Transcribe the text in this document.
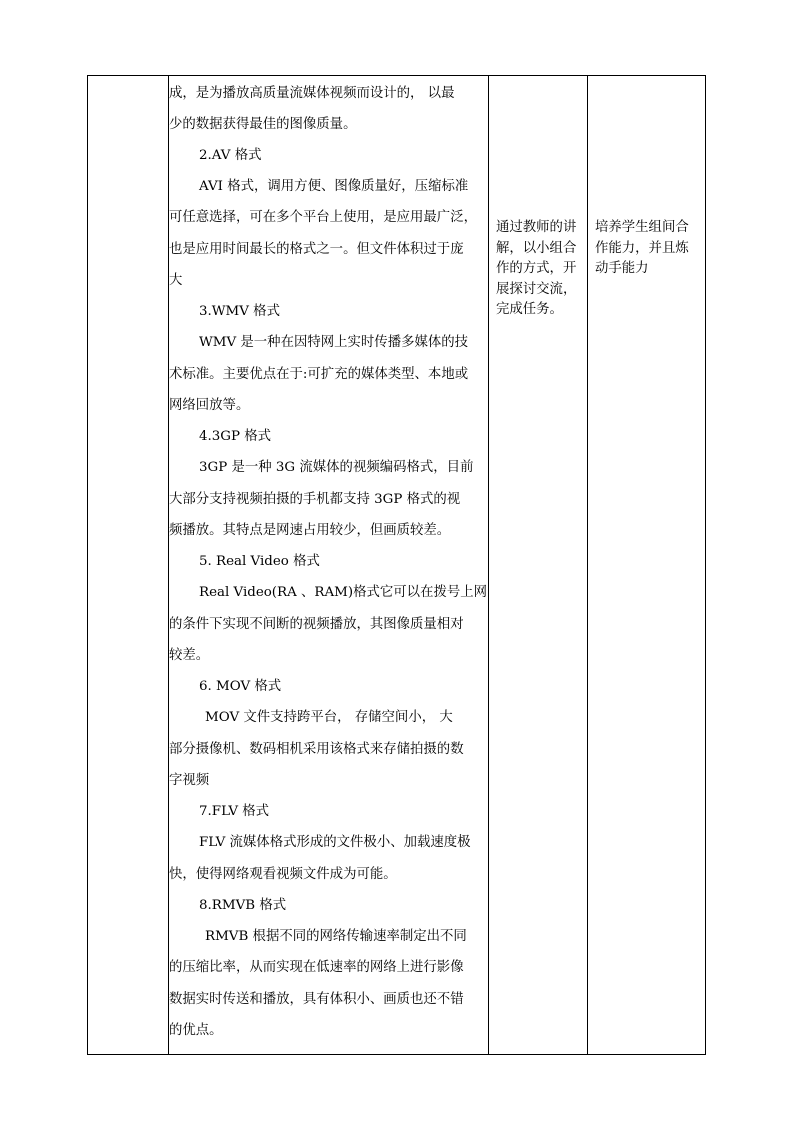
成，是为播放高质量流媒体视频而设计的， 以最
少的数据获得最佳的图像质量。
2.AV 格式
AVI 格式，调用方便、图像质量好，压缩标准
可任意选择，可在多个平台上使用，是应用最广泛，
也是应用时间最长的格式之一。但文件体积过于庞
大
3.WMV 格式
WMV 是一种在因特网上实时传播多媒体的技
术标准。主要优点在于:可扩充的媒体类型、本地或
网络回放等。
4.3GP 格式
3GP 是一种 3G 流媒体的视频编码格式，目前
大部分支持视频拍摄的手机都支持 3GP 格式的视
频播放。其特点是网速占用较少，但画质较差。
5. Real Video 格式
Real Video(RA 、RAM)格式它可以在拨号上网
的条件下实现不间断的视频播放，其图像质量相对
较差。
6. MOV 格式
MOV 文件支持跨平台， 存储空间小， 大
部分摄像机、数码相机采用该格式来存储拍摄的数
字视频
7.FLV 格式
FLV 流媒体格式形成的文件极小、加载速度极
快，使得网络观看视频文件成为可能。
8.RMVB 格式
RMVB 根据不同的网络传输速率制定出不同
的压缩比率，从而实现在低速率的网络上进行影像
数据实时传送和播放，具有体积小、画质也还不错
的优点。
通过教师的讲
解，以小组合
作的方式，开
展探讨交流，
完成任务。
培养学生组间合
作能力，并且炼
动手能力
